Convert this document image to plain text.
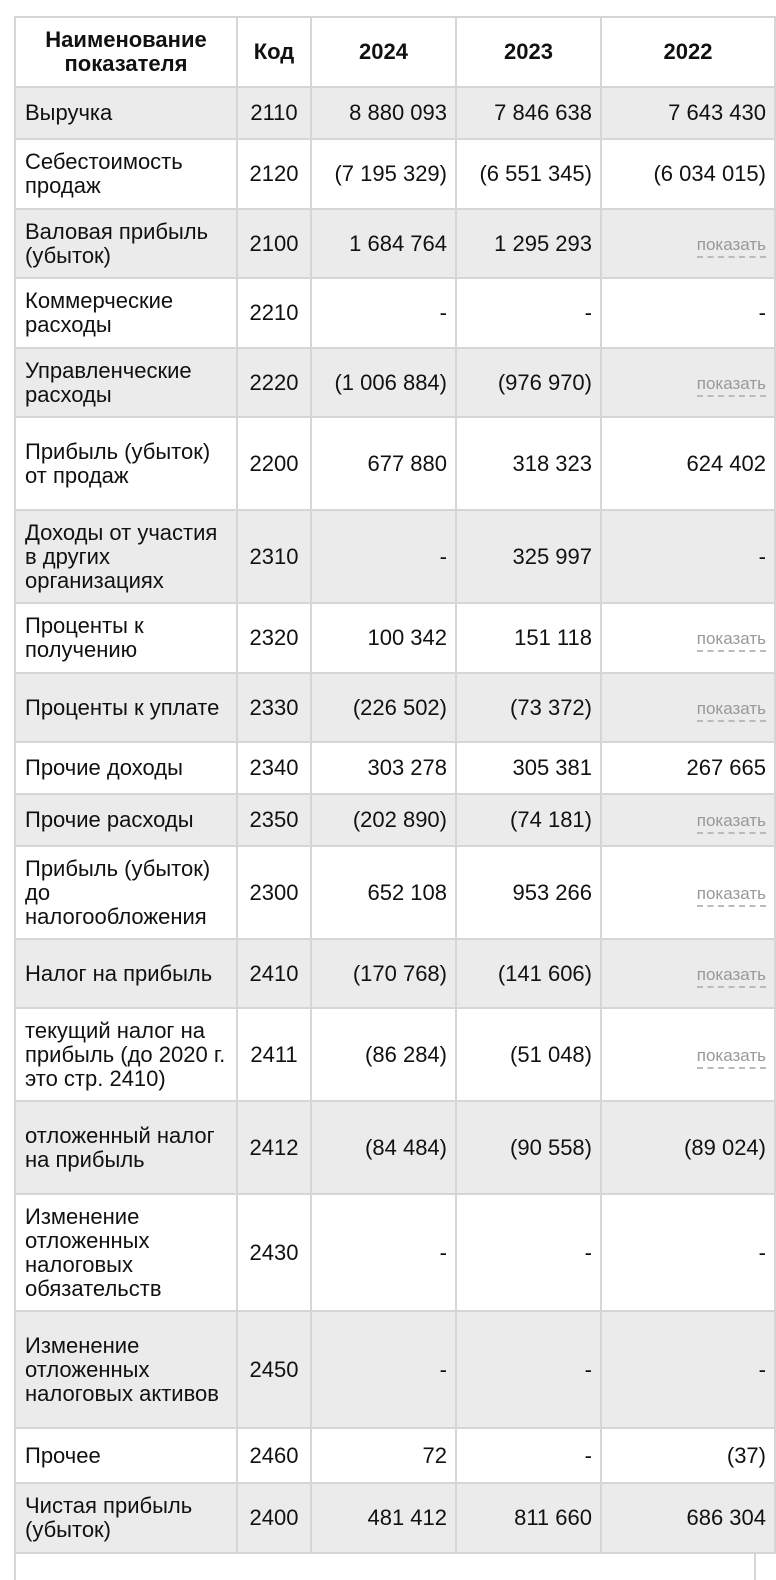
Наименование показателя	Код	2024	2023	2022
Выручка	2110	8 880 093	7 846 638	7 643 430
Себестоимость продаж	2120	(7 195 329)	(6 551 345)	(6 034 015)
Валовая прибыль (убыток)	2100	1 684 764	1 295 293	показать
Коммерческие расходы	2210	-	-	-
Управленческие расходы	2220	(1 006 884)	(976 970)	показать
Прибыль (убыток) от продаж	2200	677 880	318 323	624 402
Доходы от участия в других организациях	2310	-	325 997	-
Проценты к получению	2320	100 342	151 118	показать
Проценты к уплате	2330	(226 502)	(73 372)	показать
Прочие доходы	2340	303 278	305 381	267 665
Прочие расходы	2350	(202 890)	(74 181)	показать
Прибыль (убыток) до налогообложения	2300	652 108	953 266	показать
Налог на прибыль	2410	(170 768)	(141 606)	показать
текущий налог на прибыль (до 2020 г. это стр. 2410)	2411	(86 284)	(51 048)	показать
отложенный налог на прибыль	2412	(84 484)	(90 558)	(89 024)
Изменение отложенных налоговых обязательств	2430	-	-	-
Изменение отложенных налоговых активов	2450	-	-	-
Прочее	2460	72	-	(37)
Чистая прибыль (убыток)	2400	481 412	811 660	686 304
